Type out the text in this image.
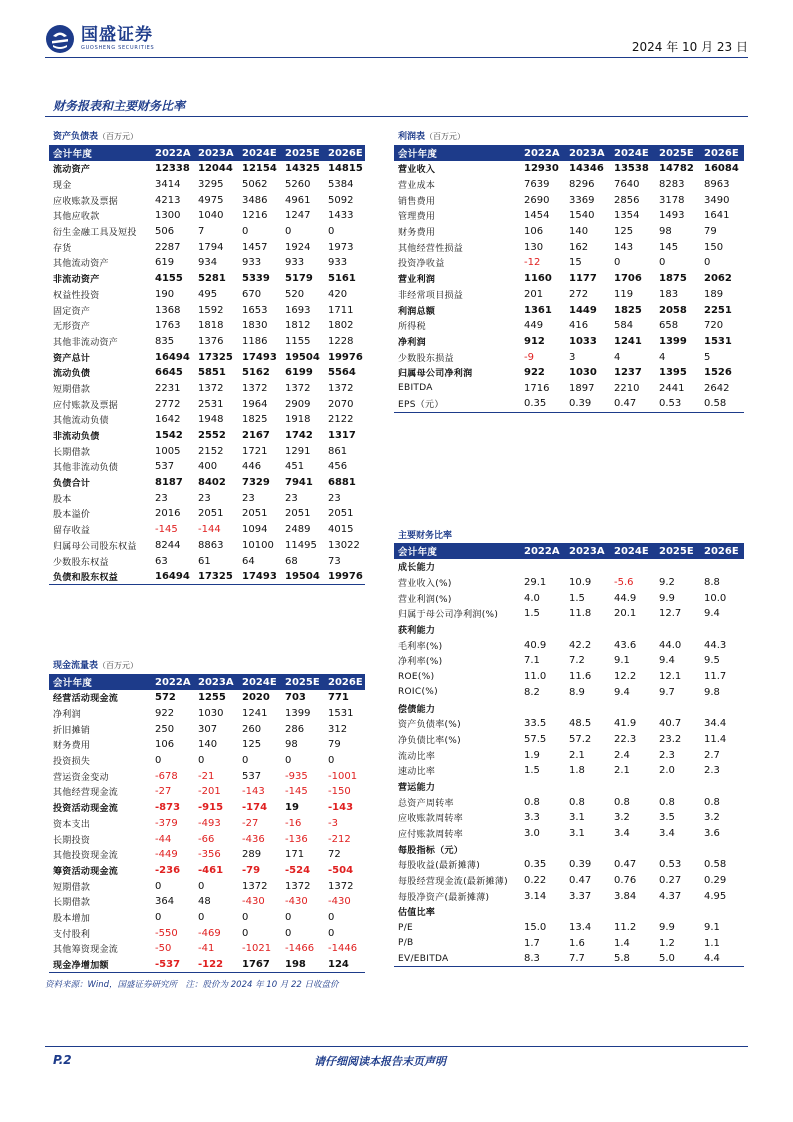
国盛证券
GUOSHENG SECURITIES	2024 年 10 月 23 日
财务报表和主要财务比率
资产负债表（百万元）	利润表（百万元）
主要财务比率
现金流量表（百万元）
会计年度	2022A	2023A	2024E	2025E	2026E
流动资产	12338	12044	12154	14325	14815
现金	3414	3295	5062	5260	5384
应收账款及票据	4213	4975	3486	4961	5092
其他应收款	1300	1040	1216	1247	1433
衍生金融工具及短投	506	7	0	0	0
存货	2287	1794	1457	1924	1973
其他流动资产	619	934	933	933	933
非流动资产	4155	5281	5339	5179	5161
权益性投资	190	495	670	520	420
固定资产	1368	1592	1653	1693	1711
无形资产	1763	1818	1830	1812	1802
其他非流动资产	835	1376	1186	1155	1228
资产总计	16494	17325	17493	19504	19976
流动负债	6645	5851	5162	6199	5564
短期借款	2231	1372	1372	1372	1372
应付账款及票据	2772	2531	1964	2909	2070
其他流动负债	1642	1948	1825	1918	2122
非流动负债	1542	2552	2167	1742	1317
长期借款	1005	2152	1721	1291	861
其他非流动负债	537	400	446	451	456
负债合计	8187	8402	7329	7941	6881
股本	23	23	23	23	23
股本溢价	2016	2051	2051	2051	2051
留存收益	-145	-144	1094	2489	4015
归属母公司股东权益	8244	8863	10100	11495	13022
少数股东权益	63	61	64	68	73
负债和股东权益	16494	17325	17493	19504	19976
会计年度	2022A	2023A	2024E	2025E	2026E
营业收入	12930	14346	13538	14782	16084
营业成本	7639	8296	7640	8283	8963
销售费用	2690	3369	2856	3178	3490
管理费用	1454	1540	1354	1493	1641
财务费用	106	140	125	98	79
其他经营性损益	130	162	143	145	150
投资净收益	-12	15	0	0	0
营业利润	1160	1177	1706	1875	2062
非经常项目损益	201	272	119	183	189
利润总额	1361	1449	1825	2058	2251
所得税	449	416	584	658	720
净利润	912	1033	1241	1399	1531
少数股东损益	-9	3	4	4	5
归属母公司净利润	922	1030	1237	1395	1526
EBITDA	1716	1897	2210	2441	2642
EPS（元）	0.35	0.39	0.47	0.53	0.58
会计年度	2022A	2023A	2024E	2025E	2026E
成长能力					
营业收入(%)	29.1	10.9	-5.6	9.2	8.8
营业利润(%)	4.0	1.5	44.9	9.9	10.0
归属于母公司净利润(%)	1.5	11.8	20.1	12.7	9.4
获利能力					
毛利率(%)	40.9	42.2	43.6	44.0	44.3
净利率(%)	7.1	7.2	9.1	9.4	9.5
ROE(%)	11.0	11.6	12.2	12.1	11.7
ROIC(%)	8.2	8.9	9.4	9.7	9.8
偿债能力					
资产负债率(%)	33.5	48.5	41.9	40.7	34.4
净负债比率(%)	57.5	57.2	22.3	23.2	11.4
流动比率	1.9	2.1	2.4	2.3	2.7
速动比率	1.5	1.8	2.1	2.0	2.3
营运能力					
总资产周转率	0.8	0.8	0.8	0.8	0.8
应收账款周转率	3.3	3.1	3.2	3.5	3.2
应付账款周转率	3.0	3.1	3.4	3.4	3.6
每股指标（元）					
每股收益(最新摊薄)	0.35	0.39	0.47	0.53	0.58
每股经营现金流(最新摊薄)	0.22	0.47	0.76	0.27	0.29
每股净资产(最新摊薄)	3.14	3.37	3.84	4.37	4.95
估值比率					
P/E	15.0	13.4	11.2	9.9	9.1
P/B	1.7	1.6	1.4	1.2	1.1
EV/EBITDA	8.3	7.7	5.8	5.0	4.4
会计年度	2022A	2023A	2024E	2025E	2026E
经营活动现金流	572	1255	2020	703	771
净利润	922	1030	1241	1399	1531
折旧摊销	250	307	260	286	312
财务费用	106	140	125	98	79
投资损失	0	0	0	0	0
营运资金变动	-678	-21	537	-935	-1001
其他经营现金流	-27	-201	-143	-145	-150
投资活动现金流	-873	-915	-174	19	-143
资本支出	-379	-493	-27	-16	-3
长期投资	-44	-66	-436	-136	-212
其他投资现金流	-449	-356	289	171	72
筹资活动现金流	-236	-461	-79	-524	-504
短期借款	0	0	1372	1372	1372
长期借款	364	48	-430	-430	-430
股本增加	0	0	0	0	0
支付股利	-550	-469	0	0	0
其他筹资现金流	-50	-41	-1021	-1466	-1446
现金净增加额	-537	-122	1767	198	124
资料来源：Wind，国盛证券研究所　注：股价为 2024 年 10 月 22 日收盘价
P.2	请仔细阅读本报告末页声明
